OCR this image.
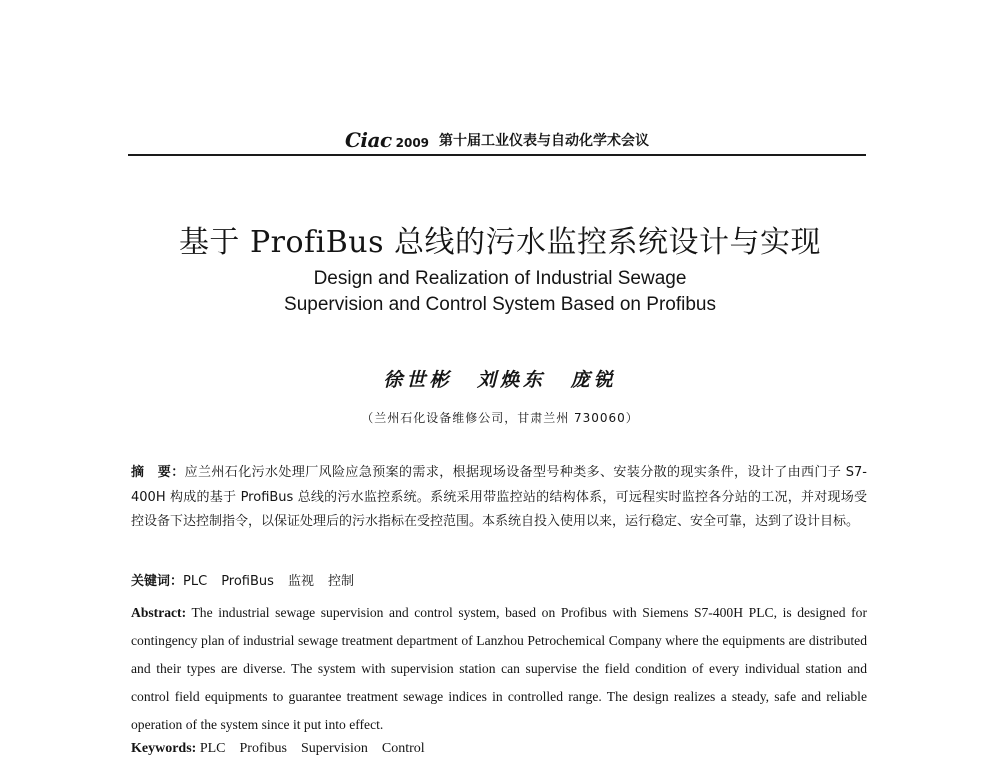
Ciac 2009 第十届工业仪表与自动化学术会议
基于 ProfiBus 总线的污水监控系统设计与实现
Design and Realization of Industrial Sewage
Supervision and Control System Based on Profibus
徐世彬 刘焕东 庞锐
（兰州石化设备维修公司，甘肃兰州 730060）

摘　要：应兰州石化污水处理厂风险应急预案的需求，根据现场设备型号种类多、安装分散的现实条件，设计了由西门子 S7-400H 构成的基于 ProfiBus 总线的污水监控系统。系统采用带监控站的结构体系，可远程实时监控各分站的工况，并对现场受控设备下达控制指令，以保证处理后的污水指标在受控范围。本系统自投入使用以来，运行稳定、安全可靠，达到了设计目标。

关键词：PLC ProfiBus 监视 控制

Abstract: The industrial sewage supervision and control system, based on Profibus with Siemens S7-400H PLC, is designed for contingency plan of industrial sewage treatment department of Lanzhou Petrochemical Company where the equipments are distributed and their types are diverse. The system with supervision station can supervise the field condition of every individual station and control field equipments to guarantee treatment sewage indices in controlled range. The design realizes a steady, safe and reliable operation of the system since it put into effect.

Keywords: PLC Profibus Supervision Control
